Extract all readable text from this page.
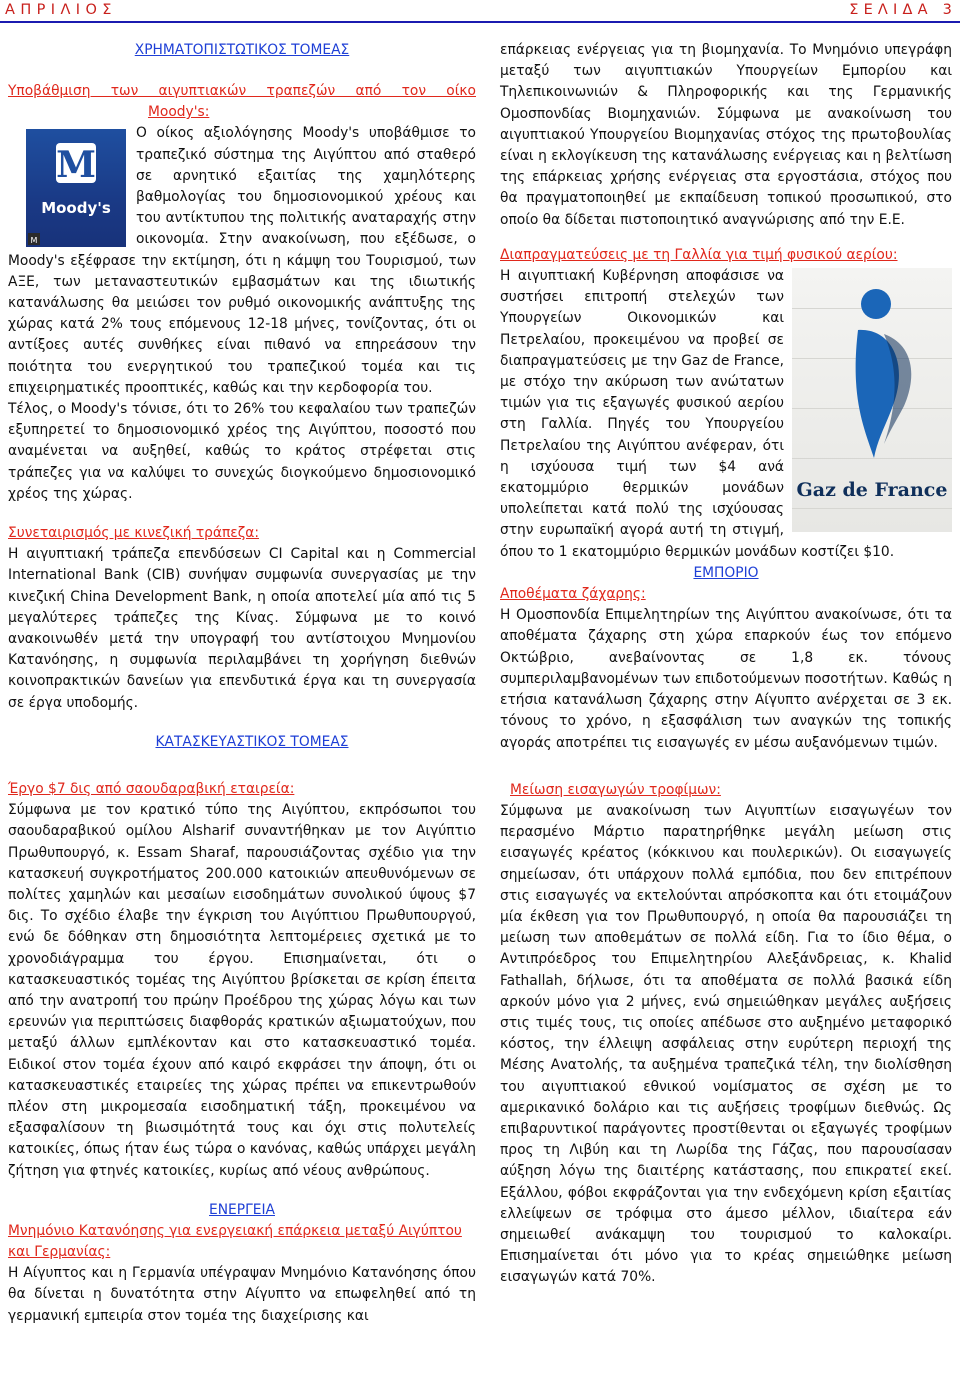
ΑΠΡΙΛΙΟΣ	ΣΕΛΙΔΑ 3
ΧΡΗΜΑΤΟΠΙΣΤΩΤΙΚΟΣ ΤΟΜΕΑΣ
Υποβάθμιση των αιγυπτιακών τραπεζών από τον οίκο
Moody's:
M
Moody's
M

Ο οίκος αξιολόγησης Moody's υποβάθμισε το τραπεζικό σύστημα της Αιγύπτου από σταθερό σε αρνητικό εξαιτίας της χαμηλότερης βαθμολογίας του δημοσιονομικού χρέους και του αντίκτυπου της πολιτικής αναταραχής στην οικονομία. Στην ανακοίνωση, που εξέδωσε, ο Moody's εξέφρασε την εκτίμηση, ότι η κάμψη του Τουρισμού, των ΑΞΕ, των μεταναστευτικών εμβασμάτων και της ιδιωτικής κατανάλωσης θα μειώσει τον ρυθμό οικονομικής ανάπτυξης της χώρας κατά 2% τους επόμενους 12-18 μήνες, τονίζοντας, ότι οι αντίξοες αυτές συνθήκες είναι πιθανό να επηρεάσουν την ποιότητα του ενεργητικού του τραπεζικού τομέα και τις επιχειρηματικές προοπτικές, καθώς και την κερδοφορία του.

Τέλος, ο Moody's τόνισε, ότι το 26% του κεφαλαίου των τραπεζών εξυπηρετεί το δημοσιονομικό χρέος της Αιγύπτου, ποσοστό που αναμένεται να αυξηθεί, καθώς το κράτος στρέφεται στις τράπεζες για να καλύψει το συνεχώς διογκούμενο δημοσιονομικό χρέος της χώρας.

Συνεταιρισμός με κινεζική τράπεζα:

Η αιγυπτιακή τράπεζα επενδύσεων CI Capital και η Commercial International Bank (CIB) συνήψαν συμφωνία συνεργασίας με την κινεζική China Development Bank, η οποία αποτελεί μία από τις 5 μεγαλύτερες τράπεζες της Κίνας. Σύμφωνα με το κοινό ανακοινωθέν μετά την υπογραφή του αντίστοιχου Μνημονίου Κατανόησης, η συμφωνία περιλαμβάνει τη χορήγηση διεθνών κοινοπρακτικών δανείων για επενδυτικά έργα και τη συνεργασία σε έργα υποδομής.

ΚΑΤΑΣΚΕΥΑΣΤΙΚΟΣ ΤΟΜΕΑΣ
Έργο $7 δις από σαουδαραβική εταιρεία:

Σύμφωνα με τον κρατικό τύπο της Αιγύπτου, εκπρόσωποι του σαουδαραβικού ομίλου Alsharif συναντήθηκαν με τον Αιγύπτιο Πρωθυπουργό, κ. Essam Sharaf, παρουσιάζοντας σχέδιο για την κατασκευή συγκροτήματος 200.000 κατοικιών απευθυνόμενων σε πολίτες χαμηλών και μεσαίων εισοδημάτων συνολικού ύψους $7 δις. Το σχέδιο έλαβε την έγκριση του Αιγύπτιου Πρωθυπουργού, ενώ δε δόθηκαν στη δημοσιότητα λεπτομέρειες σχετικά με το χρονοδιάγραμμα του έργου. Επισημαίνεται, ότι ο κατασκευαστικός τομέας της Αιγύπτου βρίσκεται σε κρίση έπειτα από την ανατροπή του πρώην Προέδρου της χώρας λόγω και των ερευνών για περιπτώσεις διαφθοράς κρατικών αξιωματούχων, που μεταξύ άλλων εμπλέκονταν και στο κατασκευαστικό τομέα. Ειδικοί στον τομέα έχουν από καιρό εκφράσει την άποψη, ότι οι κατασκευαστικές εταιρείες της χώρας πρέπει να επικεντρωθούν πλέον στη μικρομεσαία εισοδηματική τάξη, προκειμένου να εξασφαλίσουν τη βιωσιμότητά τους και όχι στις πολυτελείς κατοικίες, όπως ήταν έως τώρα ο κανόνας, καθώς υπάρχει μεγάλη ζήτηση για φτηνές κατοικίες, κυρίως από νέους ανθρώπους.

ΕΝΕΡΓΕΙΑ
Μνημόνιο Κατανόησης για ενεργειακή επάρκεια μεταξύ Αιγύπτου και Γερμανίας:

Η Αίγυπτος και η Γερμανία υπέγραψαν Μνημόνιο Κατανόησης όπου θα δίνεται η δυνατότητα στην Αίγυπτο να επωφεληθεί από τη γερμανική εμπειρία στον τομέα της διαχείρισης και

επάρκειας ενέργειας για τη βιομηχανία. Το Μνημόνιο υπεγράφη μεταξύ των αιγυπτιακών Υπουργείων Εμπορίου και Τηλεπικοινωνιών & Πληροφορικής και της Γερμανικής Ομοσπονδίας Βιομηχανιών. Σύμφωνα με ανακοίνωση του αιγυπτιακού Υπουργείου Βιομηχανίας στόχος της πρωτοβουλίας είναι η εκλογίκευση της κατανάλωσης ενέργειας και η βελτίωση της επάρκειας χρήσης ενέργειας στα εργοστάσια, στόχος που θα πραγματοποιηθεί με εκπαίδευση τοπικού προσωπικού, στο οποίο θα δίδεται πιστοποιητικό αναγνώρισης από την Ε.Ε.

Διαπραγματεύσεις με τη Γαλλία για τιμή φυσικού αερίου:
Gaz de France

Η αιγυπτιακή Κυβέρνηση αποφάσισε να συστήσει επιτροπή στελεχών των Υπουργείων Οικονομικών και Πετρελαίου, προκειμένου να προβεί σε διαπραγματεύσεις με την Gaz de France, με στόχο την ακύρωση των ανώτατων τιμών για τις εξαγωγές φυσικού αερίου στη Γαλλία. Πηγές του Υπουργείου Πετρελαίου της Αιγύπτου ανέφεραν, ότι η ισχύουσα τιμή των $4 ανά εκατομμύριο θερμικών μονάδων υπολείπεται κατά πολύ της ισχύουσας στην ευρωπαϊκή αγορά αυτή τη στιγμή, όπου το 1 εκατομμύριο θερμικών μονάδων κοστίζει $10.

ΕΜΠΟΡΙΟ
Αποθέματα ζάχαρης:

Η Ομοσπονδία Επιμελητηρίων της Αιγύπτου ανακοίνωσε, ότι τα αποθέματα ζάχαρης στη χώρα επαρκούν έως τον επόμενο Οκτώβριο, ανεβαίνοντας σε 1,8 εκ. τόνους συμπεριλαμβανομένων των επιδοτούμενων ποσοτήτων. Καθώς η ετήσια κατανάλωση ζάχαρης στην Αίγυπτο ανέρχεται σε 3 εκ. τόνους το χρόνο, η εξασφάλιση των αναγκών της τοπικής αγοράς αποτρέπει τις εισαγωγές εν μέσω αυξανόμενων τιμών.

Μείωση εισαγωγών τροφίμων:

Σύμφωνα με ανακοίνωση των Αιγυπτίων εισαγωγέων τον περασμένο Μάρτιο παρατηρήθηκε μεγάλη μείωση στις εισαγωγές κρέατος (κόκκινου και πουλερικών). Οι εισαγωγείς σημείωσαν, ότι υπάρχουν πολλά εμπόδια, που δεν επιτρέπουν στις εισαγωγές να εκτελούνται απρόσκοπτα και ότι ετοιμάζουν μία έκθεση για τον Πρωθυπουργό, η οποία θα παρουσιάζει τη μείωση των αποθεμάτων σε πολλά είδη. Για το ίδιο θέμα, ο Αντιπρόεδρος του Επιμελητηρίου Αλεξάνδρειας, κ. Khalid Fathallah, δήλωσε, ότι τα αποθέματα σε πολλά βασικά είδη αρκούν μόνο για 2 μήνες, ενώ σημειώθηκαν μεγάλες αυξήσεις στις τιμές τους, τις οποίες απέδωσε στο αυξημένο μεταφορικό κόστος, την έλλειψη ασφάλειας στην ευρύτερη περιοχή της Μέσης Ανατολής, τα αυξημένα τραπεζικά τέλη, την διολίσθηση του αιγυπτιακού εθνικού νομίσματος σε σχέση με το αμερικανικό δολάριο και τις αυξήσεις τροφίμων διεθνώς. Ως επιβαρυντικοί παράγοντες προστίθενται οι εξαγωγές τροφίμων προς τη Λιβύη και τη Λωρίδα της Γάζας, που παρουσίασαν αύξηση λόγω της διαιτέρης κατάστασης, που επικρατεί εκεί. Εξάλλου, φόβοι εκφράζονται για την ενδεχόμενη κρίση εξαιτίας ελλείψεων σε τρόφιμα στο άμεσο μέλλον, ιδιαίτερα εάν σημειωθεί ανάκαμψη του τουρισμού το καλοκαίρι. Επισημαίνεται ότι μόνο για το κρέας σημειώθηκε μείωση εισαγωγών κατά 70%.
